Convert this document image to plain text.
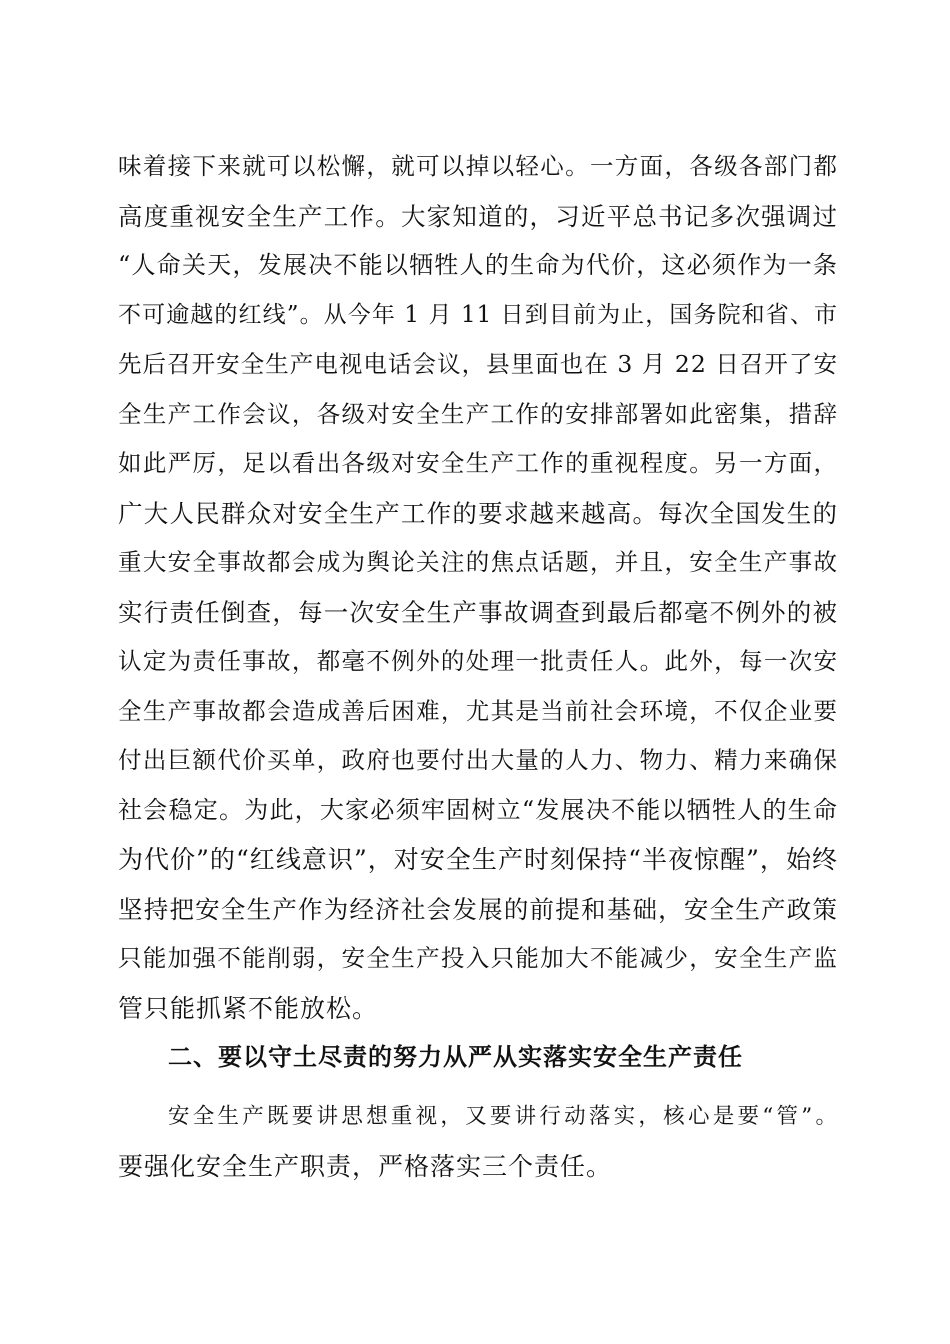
味着接下来就可以松懈，就可以掉以轻心。一方面，各级各部门都
高度重视安全生产工作。大家知道的，习近平总书记多次强调过
“人命关天，发展决不能以牺牲人的生命为代价，这必须作为一条
不可逾越的红线”。从今年 1 月 11 日到目前为止，国务院和省、市
先后召开安全生产电视电话会议，县里面也在 3 月 22 日召开了安
全生产工作会议，各级对安全生产工作的安排部署如此密集，措辞
如此严厉，足以看出各级对安全生产工作的重视程度。另一方面，
广大人民群众对安全生产工作的要求越来越高。每次全国发生的
重大安全事故都会成为舆论关注的焦点话题，并且，安全生产事故
实行责任倒查，每一次安全生产事故调查到最后都毫不例外的被
认定为责任事故，都毫不例外的处理一批责任人。此外，每一次安
全生产事故都会造成善后困难，尤其是当前社会环境，不仅企业要
付出巨额代价买单，政府也要付出大量的人力、物力、精力来确保
社会稳定。为此，大家必须牢固树立“发展决不能以牺牲人的生命
为代价”的“红线意识”，对安全生产时刻保持“半夜惊醒”，始终
坚持把安全生产作为经济社会发展的前提和基础，安全生产政策
只能加强不能削弱，安全生产投入只能加大不能减少，安全生产监
管只能抓紧不能放松。
二、要以守土尽责的努力从严从实落实安全生产责任
安全生产既要讲思想重视，又要讲行动落实，核心是要“管”。
要强化安全生产职责，严格落实三个责任。
